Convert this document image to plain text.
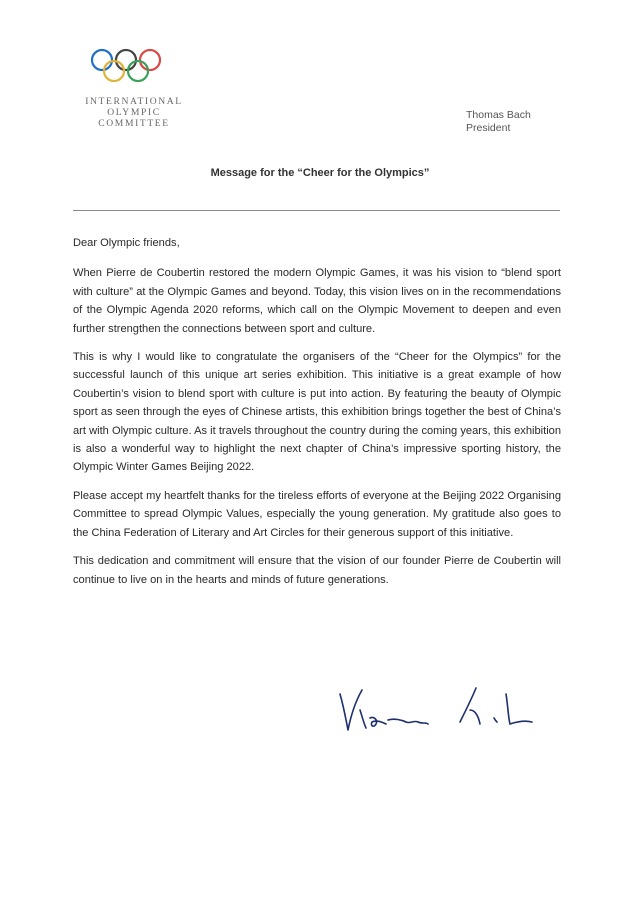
INTERNATIONAL
OLYMPIC
COMMITTEE
Thomas Bach
President
Message for the “Cheer for the Olympics”

Dear Olympic friends,

When Pierre de Coubertin restored the modern Olympic Games, it was his vision to “blend sport with culture” at the Olympic Games and beyond. Today, this vision lives on in the recommendations of the Olympic Agenda 2020 reforms, which call on the Olympic Movement to deepen and even further strengthen the connections between sport and culture.

This is why I would like to congratulate the organisers of the “Cheer for the Olympics” for the successful launch of this unique art series exhibition. This initiative is a great example of how Coubertin’s vision to blend sport with culture is put into action. By featuring the beauty of Olympic sport as seen through the eyes of Chinese artists, this exhibition brings together the best of China’s art with Olympic culture. As it travels throughout the country during the coming years, this exhibition is also a wonderful way to highlight the next chapter of China’s impressive sporting history, the Olympic Winter Games Beijing 2022.

Please accept my heartfelt thanks for the tireless efforts of everyone at the Beijing 2022 Organising Committee to spread Olympic Values, especially the young generation. My gratitude also goes to the China Federation of Literary and Art Circles for their generous support of this initiative.

This dedication and commitment will ensure that the vision of our founder Pierre de Coubertin will continue to live on in the hearts and minds of future generations.
